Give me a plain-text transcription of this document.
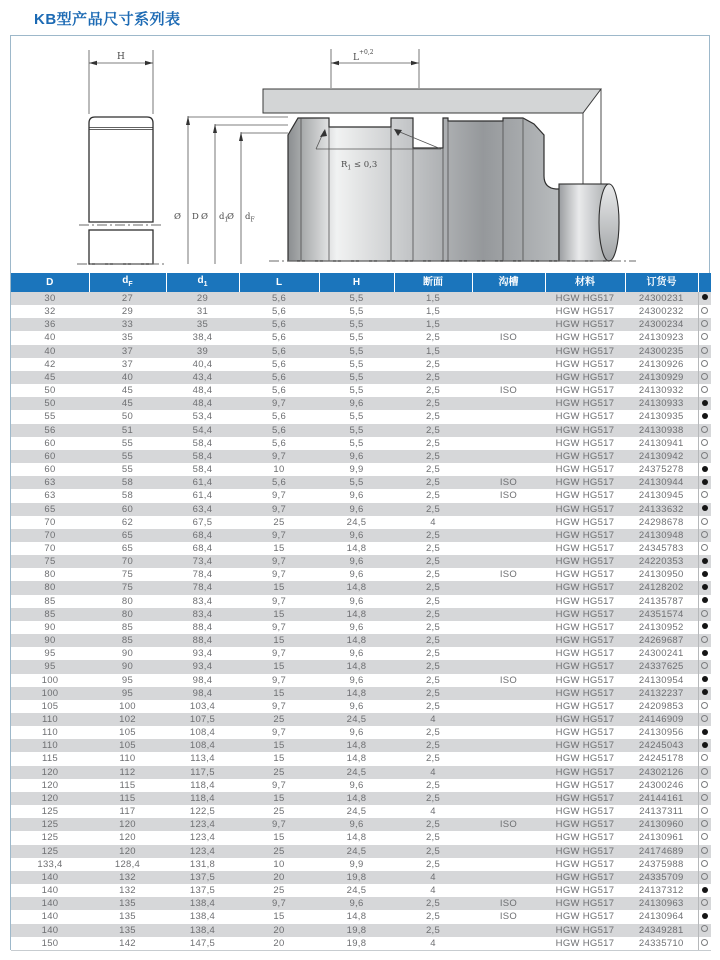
KB型产品尺寸系列表
H
Ø D Ø $d_1$
Ø $d_F$
$L^{+0,2}$
$R_1 \le 0,3$
D	$d_F$	$d_1$	L	H	断面	沟槽	材料	订货号	
30	27	29	5,6	5,5	1,5		HGW HG517	24300231	
32	29	31	5,6	5,5	1,5		HGW HG517	24300232	
36	33	35	5,6	5,5	1,5		HGW HG517	24300234	
40	35	38,4	5,6	5,5	2,5	ISO	HGW HG517	24130923	
40	37	39	5,6	5,5	1,5		HGW HG517	24300235	
42	37	40,4	5,6	5,5	2,5		HGW HG517	24130926	
45	40	43,4	5,6	5,5	2,5		HGW HG517	24130929	
50	45	48,4	5,6	5,5	2,5	ISO	HGW HG517	24130932	
50	45	48,4	9,7	9,6	2,5		HGW HG517	24130933	
55	50	53,4	5,6	5,5	2,5		HGW HG517	24130935	
56	51	54,4	5,6	5,5	2,5		HGW HG517	24130938	
60	55	58,4	5,6	5,5	2,5		HGW HG517	24130941	
60	55	58,4	9,7	9,6	2,5		HGW HG517	24130942	
60	55	58,4	10	9,9	2,5		HGW HG517	24375278	
63	58	61,4	5,6	5,5	2,5	ISO	HGW HG517	24130944	
63	58	61,4	9,7	9,6	2,5	ISO	HGW HG517	24130945	
65	60	63,4	9,7	9,6	2,5		HGW HG517	24133632	
70	62	67,5	25	24,5	4		HGW HG517	24298678	
70	65	68,4	9,7	9,6	2,5		HGW HG517	24130948	
70	65	68,4	15	14,8	2,5		HGW HG517	24345783	
75	70	73,4	9,7	9,6	2,5		HGW HG517	24220353	
80	75	78,4	9,7	9,6	2,5	ISO	HGW HG517	24130950	
80	75	78,4	15	14,8	2,5		HGW HG517	24128202	
85	80	83,4	9,7	9,6	2,5		HGW HG517	24135787	
85	80	83,4	15	14,8	2,5		HGW HG517	24351574	
90	85	88,4	9,7	9,6	2,5		HGW HG517	24130952	
90	85	88,4	15	14,8	2,5		HGW HG517	24269687	
95	90	93,4	9,7	9,6	2,5		HGW HG517	24300241	
95	90	93,4	15	14,8	2,5		HGW HG517	24337625	
100	95	98,4	9,7	9,6	2,5	ISO	HGW HG517	24130954	
100	95	98,4	15	14,8	2,5		HGW HG517	24132237	
105	100	103,4	9,7	9,6	2,5		HGW HG517	24209853	
110	102	107,5	25	24,5	4		HGW HG517	24146909	
110	105	108,4	9,7	9,6	2,5		HGW HG517	24130956	
110	105	108,4	15	14,8	2,5		HGW HG517	24245043	
115	110	113,4	15	14,8	2,5		HGW HG517	24245178	
120	112	117,5	25	24,5	4		HGW HG517	24302126	
120	115	118,4	9,7	9,6	2,5		HGW HG517	24300246	
120	115	118,4	15	14,8	2,5		HGW HG517	24144161	
125	117	122,5	25	24,5	4		HGW HG517	24137311	
125	120	123,4	9,7	9,6	2,5	ISO	HGW HG517	24130960	
125	120	123,4	15	14,8	2,5		HGW HG517	24130961	
125	120	123,4	25	24,5	2,5		HGW HG517	24174689	
133,4	128,4	131,8	10	9,9	2,5		HGW HG517	24375988	
140	132	137,5	20	19,8	4		HGW HG517	24335709	
140	132	137,5	25	24,5	4		HGW HG517	24137312	
140	135	138,4	9,7	9,6	2,5	ISO	HGW HG517	24130963	
140	135	138,4	15	14,8	2,5	ISO	HGW HG517	24130964	
140	135	138,4	20	19,8	2,5		HGW HG517	24349281	
150	142	147,5	20	19,8	4		HGW HG517	24335710	
